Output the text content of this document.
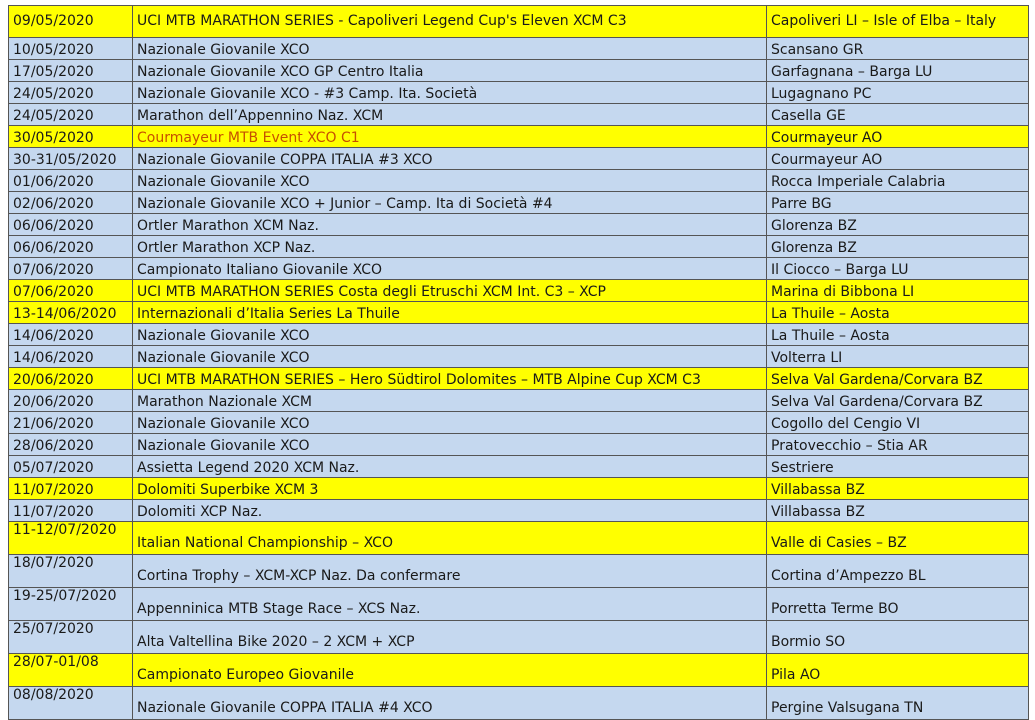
09/05/2020	UCI MTB MARATHON SERIES - Capoliveri Legend Cup's Eleven XCM C3	Capoliveri LI – Isle of Elba – Italy
10/05/2020	Nazionale Giovanile XCO	Scansano GR
17/05/2020	Nazionale Giovanile XCO GP Centro Italia	Garfagnana – Barga LU
24/05/2020	Nazionale Giovanile XCO - #3 Camp. Ita. Società	Lugagnano PC
24/05/2020	Marathon dell’Appennino Naz. XCM	Casella GE
30/05/2020	Courmayeur MTB Event XCO C1	Courmayeur AO
30-31/05/2020	Nazionale Giovanile COPPA ITALIA #3 XCO	Courmayeur AO
01/06/2020	Nazionale Giovanile XCO	Rocca Imperiale Calabria
02/06/2020	Nazionale Giovanile XCO + Junior – Camp. Ita di Società #4	Parre BG
06/06/2020	Ortler Marathon XCM Naz.	Glorenza BZ
06/06/2020	Ortler Marathon XCP Naz.	Glorenza BZ
07/06/2020	Campionato Italiano Giovanile XCO	Il Ciocco – Barga LU
07/06/2020	UCI MTB MARATHON SERIES Costa degli Etruschi XCM Int. C3 – XCP	Marina di Bibbona LI
13-14/06/2020	Internazionali d’Italia Series La Thuile	La Thuile – Aosta
14/06/2020	Nazionale Giovanile XCO	La Thuile – Aosta
14/06/2020	Nazionale Giovanile XCO	Volterra LI
20/06/2020	UCI MTB MARATHON SERIES – Hero Südtirol Dolomites – MTB Alpine Cup XCM C3	Selva Val Gardena/Corvara BZ
20/06/2020	Marathon Nazionale XCM	Selva Val Gardena/Corvara BZ
21/06/2020	Nazionale Giovanile XCO	Cogollo del Cengio VI
28/06/2020	Nazionale Giovanile XCO	Pratovecchio – Stia AR
05/07/2020	Assietta Legend 2020 XCM Naz.	Sestriere
11/07/2020	Dolomiti Superbike XCM 3	Villabassa BZ
11/07/2020	Dolomiti XCP Naz.	Villabassa BZ
11-12/07/2020	Italian National Championship – XCO	Valle di Casies – BZ
18/07/2020	Cortina Trophy – XCM-XCP Naz. Da confermare	Cortina d’Ampezzo BL
19-25/07/2020	Appenninica MTB Stage Race – XCS Naz.	Porretta Terme BO
25/07/2020	Alta Valtellina Bike 2020 – 2 XCM + XCP	Bormio SO
28/07-01/08	Campionato Europeo Giovanile	Pila AO
08/08/2020	Nazionale Giovanile COPPA ITALIA #4 XCO	Pergine Valsugana TN
